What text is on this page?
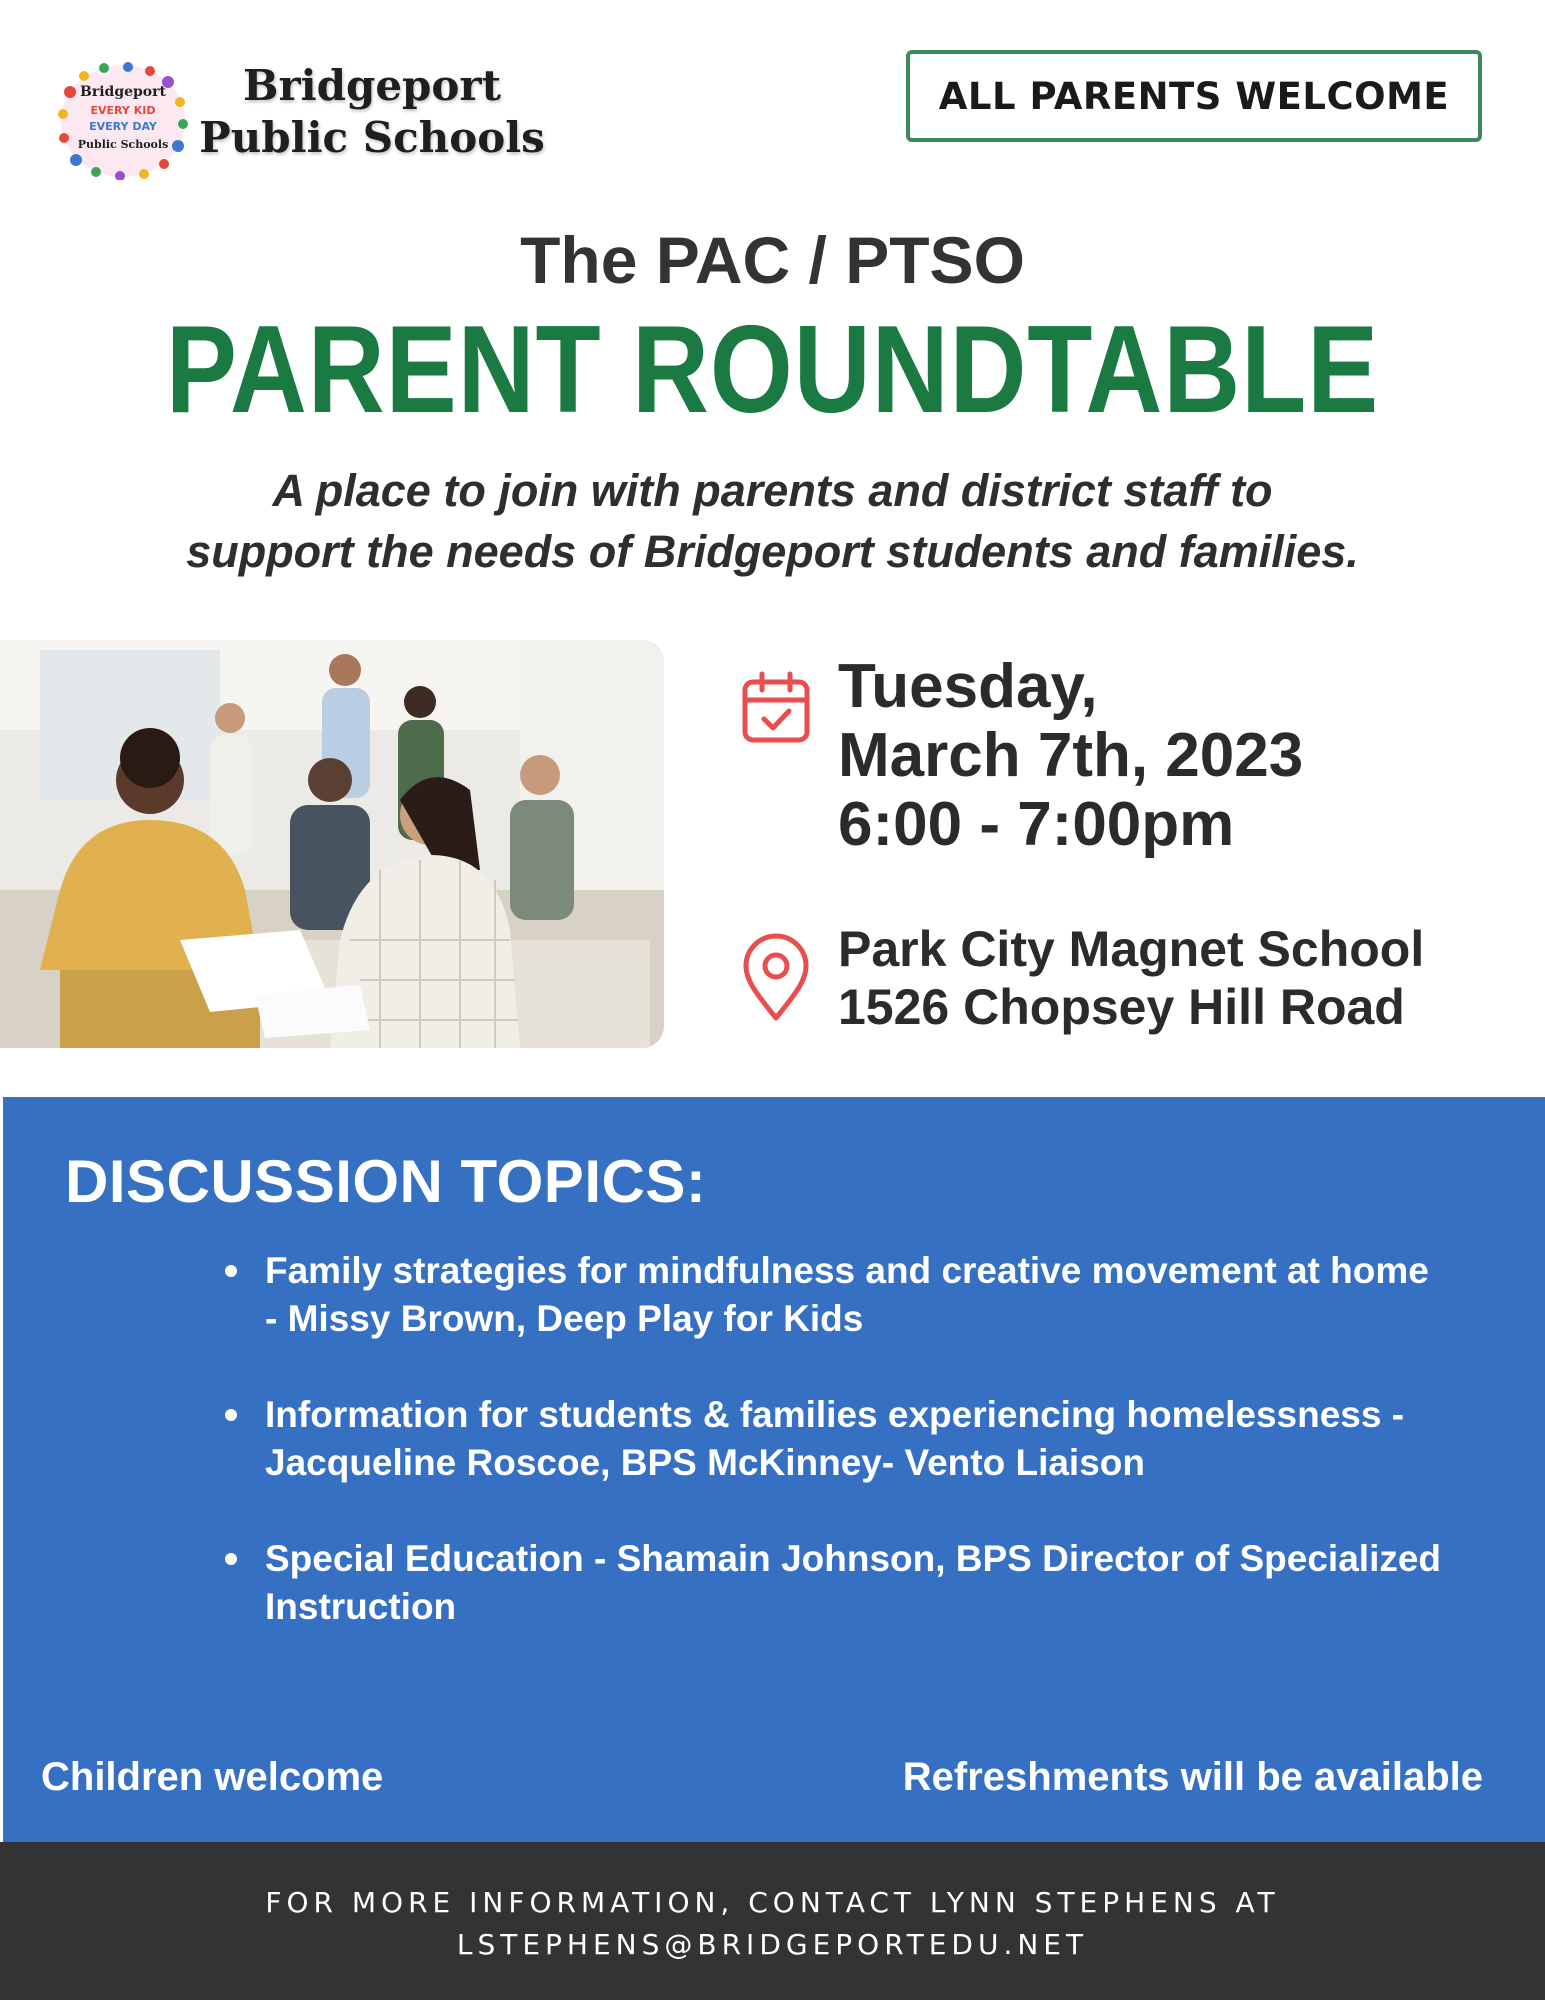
Bridgeport
EVERY KID
EVERY DAY
Public Schools
Bridgeport
Public Schools
ALL PARENTS WELCOME
The PAC / PTSO
PARENT ROUNDTABLE
A place to join with parents and district staff to
support the needs of Bridgeport students and families.
Tuesday,
March 7th, 2023
6:00 - 7:00pm
Park City Magnet School
1526 Chopsey Hill Road
DISCUSSION TOPICS:
Family strategies for mindfulness and creative movement at home - Missy Brown, Deep Play for Kids
Information for students & families experiencing homelessness - Jacqueline Roscoe, BPS McKinney- Vento Liaison
Special Education - Shamain Johnson, BPS Director of Specialized Instruction
Children welcome	Refreshments will be available
FOR MORE INFORMATION, CONTACT LYNN STEPHENS AT
LSTEPHENS@BRIDGEPORTEDU.NET
